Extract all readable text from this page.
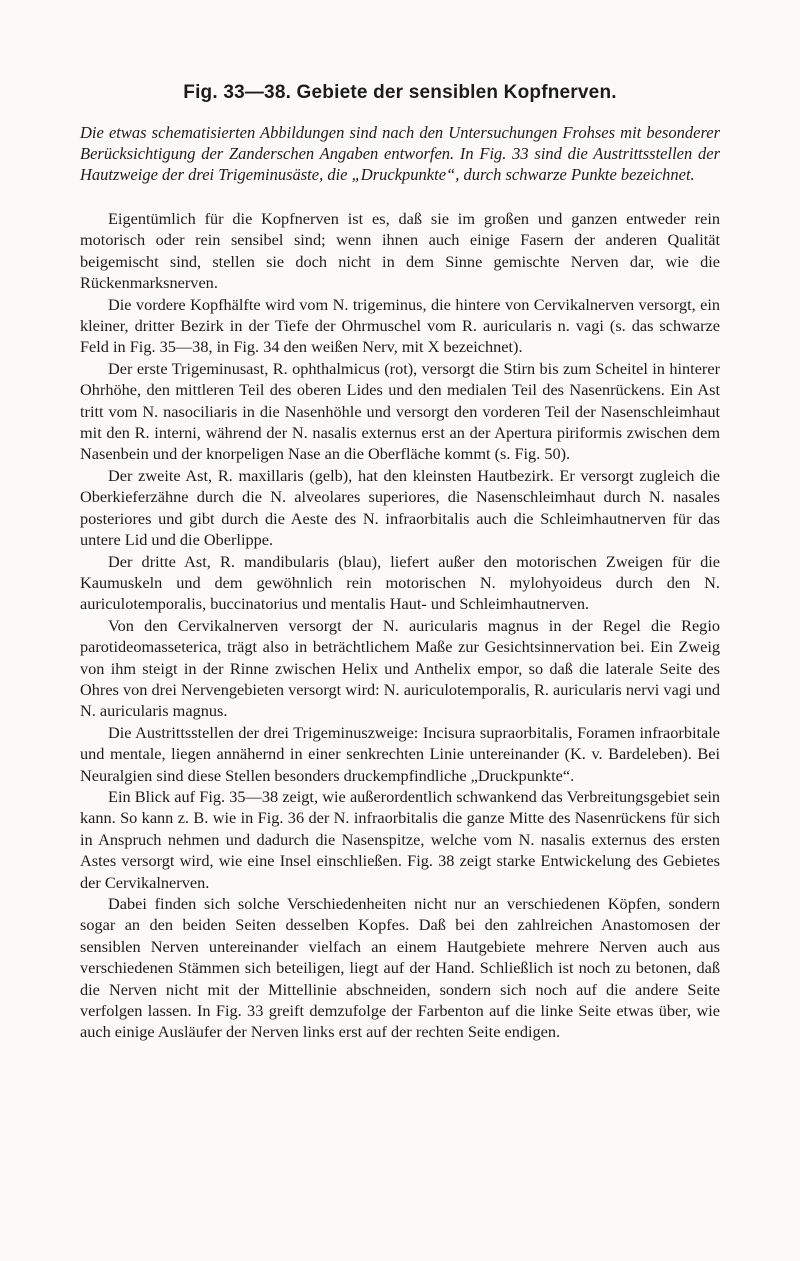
Fig. 33—38. Gebiete der sensiblen Kopfnerven.

Die etwas schematisierten Abbildungen sind nach den Untersuchungen Frohses mit besonderer Berücksichtigung der Zanderschen Angaben entworfen. In Fig. 33 sind die Austrittsstellen der Hautzweige der drei Trigeminusäste, die „Druckpunkte“, durch schwarze Punkte bezeichnet.

Eigentümlich für die Kopfnerven ist es, daß sie im großen und ganzen entweder rein motorisch oder rein sensibel sind; wenn ihnen auch einige Fasern der anderen Qualität beigemischt sind, stellen sie doch nicht in dem Sinne gemischte Nerven dar, wie die Rückenmarksnerven.

Die vordere Kopfhälfte wird vom N. trigeminus, die hintere von Cervikalnerven versorgt, ein kleiner, dritter Bezirk in der Tiefe der Ohrmuschel vom R. auricularis n. vagi (s. das schwarze Feld in Fig. 35—38, in Fig. 34 den weißen Nerv, mit X bezeichnet).

Der erste Trigeminusast, R. ophthalmicus (rot), versorgt die Stirn bis zum Scheitel in hinterer Ohrhöhe, den mittleren Teil des oberen Lides und den medialen Teil des Nasenrückens. Ein Ast tritt vom N. nasociliaris in die Nasenhöhle und versorgt den vorderen Teil der Nasenschleimhaut mit den R. interni, während der N. nasalis externus erst an der Apertura piriformis zwischen dem Nasenbein und der knorpeligen Nase an die Oberfläche kommt (s. Fig. 50).

Der zweite Ast, R. maxillaris (gelb), hat den kleinsten Hautbezirk. Er versorgt zugleich die Oberkieferzähne durch die N. alveolares superiores, die Nasenschleimhaut durch N. nasales posteriores und gibt durch die Aeste des N. infraorbitalis auch die Schleimhautnerven für das untere Lid und die Oberlippe.

Der dritte Ast, R. mandibularis (blau), liefert außer den motorischen Zweigen für die Kaumuskeln und dem gewöhnlich rein motorischen N. mylohyoideus durch den N. auriculotemporalis, buccinatorius und mentalis Haut- und Schleimhautnerven.

Von den Cervikalnerven versorgt der N. auricularis magnus in der Regel die Regio parotideomasseterica, trägt also in beträchtlichem Maße zur Gesichtsinnervation bei. Ein Zweig von ihm steigt in der Rinne zwischen Helix und Anthelix empor, so daß die laterale Seite des Ohres von drei Nervengebieten versorgt wird: N. auriculotemporalis, R. auricularis nervi vagi und N. auricularis magnus.

Die Austrittsstellen der drei Trigeminuszweige: Incisura supraorbitalis, Foramen infraorbitale und mentale, liegen annähernd in einer senkrechten Linie untereinander (K. v. Bardeleben). Bei Neuralgien sind diese Stellen besonders druckempfindliche „Druckpunkte“.

Ein Blick auf Fig. 35—38 zeigt, wie außerordentlich schwankend das Verbreitungsgebiet sein kann. So kann z. B. wie in Fig. 36 der N. infraorbitalis die ganze Mitte des Nasenrückens für sich in Anspruch nehmen und dadurch die Nasenspitze, welche vom N. nasalis externus des ersten Astes versorgt wird, wie eine Insel einschließen. Fig. 38 zeigt starke Entwickelung des Gebietes der Cervikalnerven.

Dabei finden sich solche Verschiedenheiten nicht nur an verschiedenen Köpfen, sondern sogar an den beiden Seiten desselben Kopfes. Daß bei den zahlreichen Anastomosen der sensiblen Nerven untereinander vielfach an einem Hautgebiete mehrere Nerven auch aus verschiedenen Stämmen sich beteiligen, liegt auf der Hand. Schließlich ist noch zu betonen, daß die Nerven nicht mit der Mittellinie abschneiden, sondern sich noch auf die andere Seite verfolgen lassen. In Fig. 33 greift demzufolge der Farbenton auf die linke Seite etwas über, wie auch einige Ausläufer der Nerven links erst auf der rechten Seite endigen.
